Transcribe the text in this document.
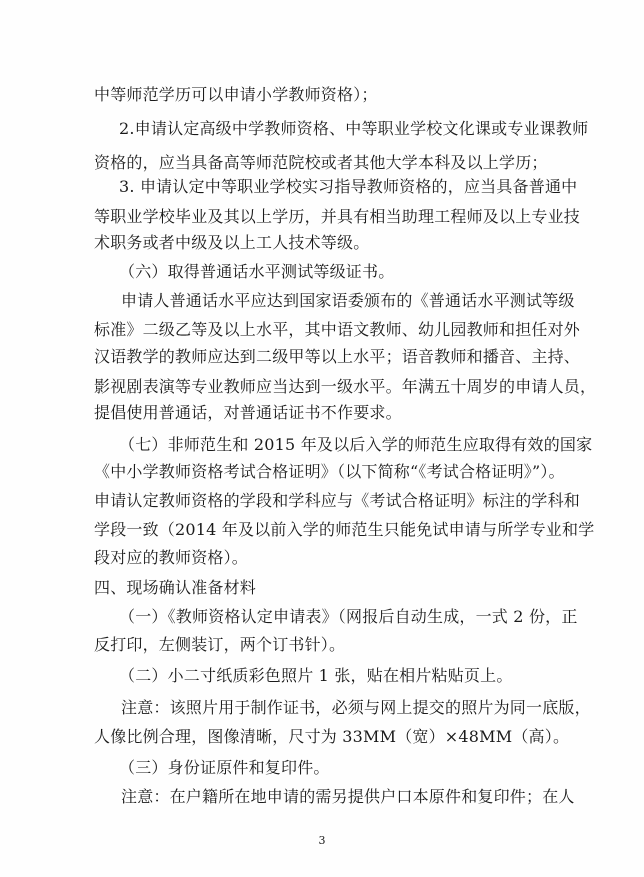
中等师范学历可以申请小学教师资格）；
2.申请认定高级中学教师资格、中等职业学校文化课或专业课教师
资格的，应当具备高等师范院校或者其他大学本科及以上学历；
3. 申请认定中等职业学校实习指导教师资格的，应当具备普通中
等职业学校毕业及其以上学历，并具有相当助理工程师及以上专业技
术职务或者中级及以上工人技术等级。
（六）取得普通话水平测试等级证书。
申请人普通话水平应达到国家语委颁布的《普通话水平测试等级
标准》二级乙等及以上水平，其中语文教师、幼儿园教师和担任对外
汉语教学的教师应达到二级甲等以上水平；语音教师和播音、主持、
影视剧表演等专业教师应当达到一级水平。年满五十周岁的申请人员，
提倡使用普通话，对普通话证书不作要求。
（七）非师范生和 2015 年及以后入学的师范生应取得有效的国家
《中小学教师资格考试合格证明》（以下简称“《考试合格证明》”）。
申请认定教师资格的学段和学科应与《考试合格证明》标注的学科和
学段一致（2014 年及以前入学的师范生只能免试申请与所学专业和学
段对应的教师资格）。
四、现场确认准备材料
（一）《教师资格认定申请表》（网报后自动生成，一式 2 份，正
反打印，左侧装订，两个订书针）。
（二）小二寸纸质彩色照片 1 张，贴在相片粘贴页上。
注意：该照片用于制作证书，必须与网上提交的照片为同一底版，
人像比例合理，图像清晰，尺寸为 33MM（宽）×48MM（高）。
（三）身份证原件和复印件。
注意：在户籍所在地申请的需另提供户口本原件和复印件；在人
3
